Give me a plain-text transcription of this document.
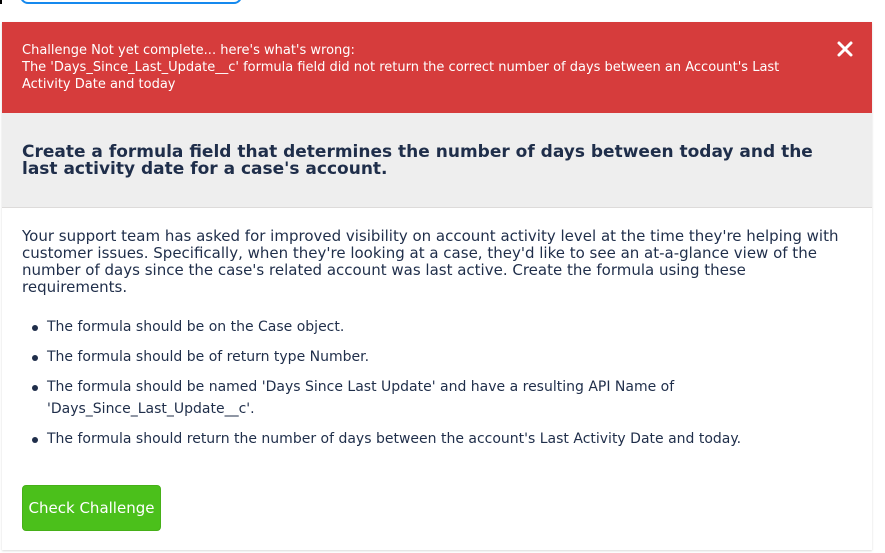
Challenge Not yet complete... here's what's wrong:
The 'Days_Since_Last_Update__c' formula field did not return the correct number of days between an Account's Last Activity Date and today
Create a formula field that determines the number of days between today and the last activity date for a case's account.

Your support team has asked for improved visibility on account activity level at the time they're helping with customer issues. Specifically, when they're looking at a case, they'd like to see an at-a-glance view of the number of days since the case's related account was last active. Create the formula using these requirements.

The formula should be on the Case object.
The formula should be of return type Number.
The formula should be named 'Days Since Last Update' and have a resulting API Name of 'Days_Since_Last_Update__c'.
The formula should return the number of days between the account's Last Activity Date and today.
Check Challenge
